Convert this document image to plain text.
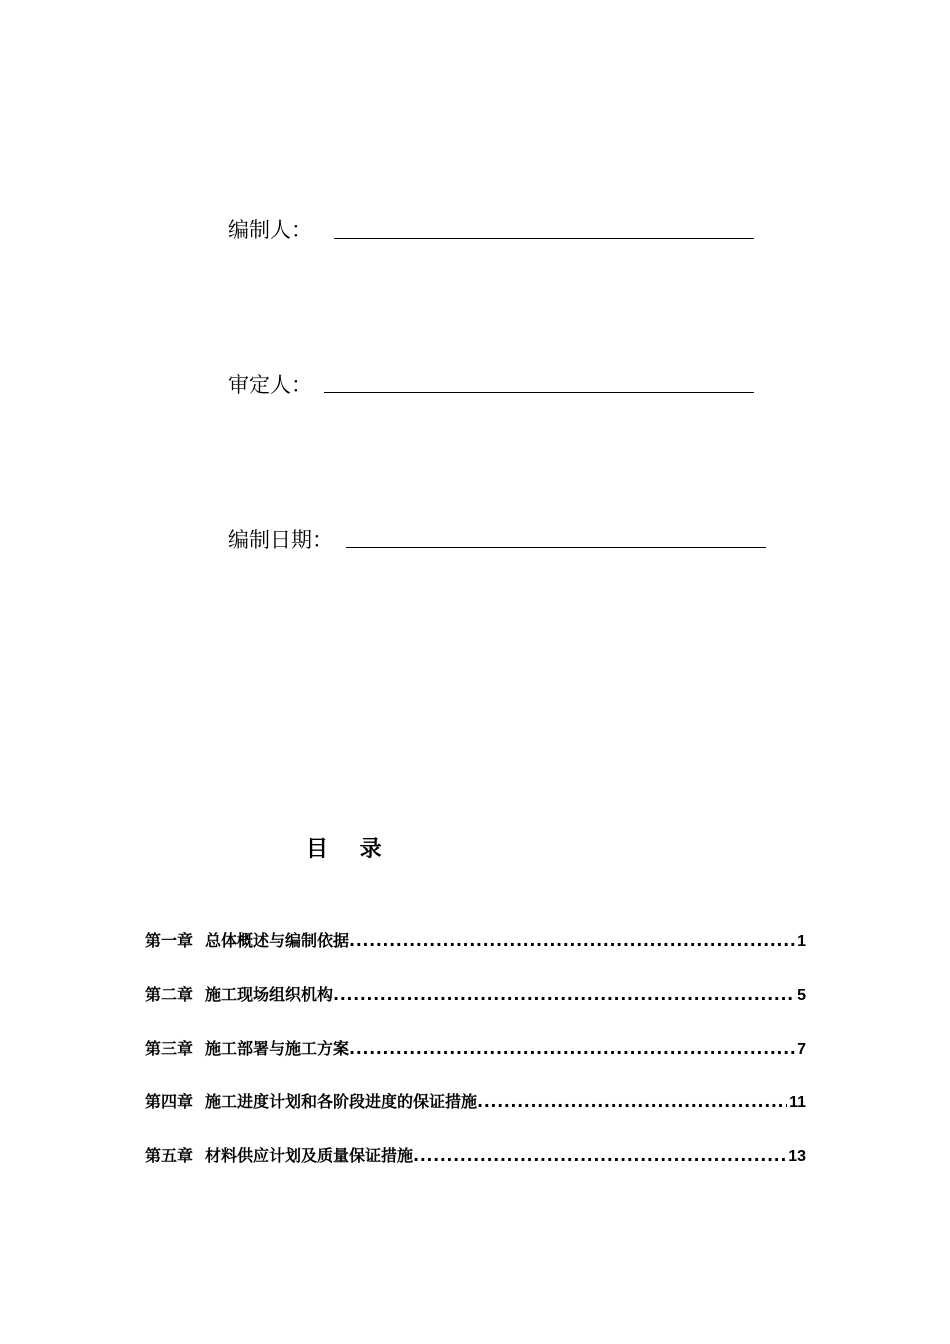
编制人：
审定人：
编制日期：
目 录
第一章 总体概述与编制依据 .....	1
第二章 施工现场组织机构 .....	5
第三章 施工部署与施工方案 .....	7
第四章 施工进度计划和各阶段进度的保证措施 .....	11
第五章 材料供应计划及质量保证措施 .....	13
